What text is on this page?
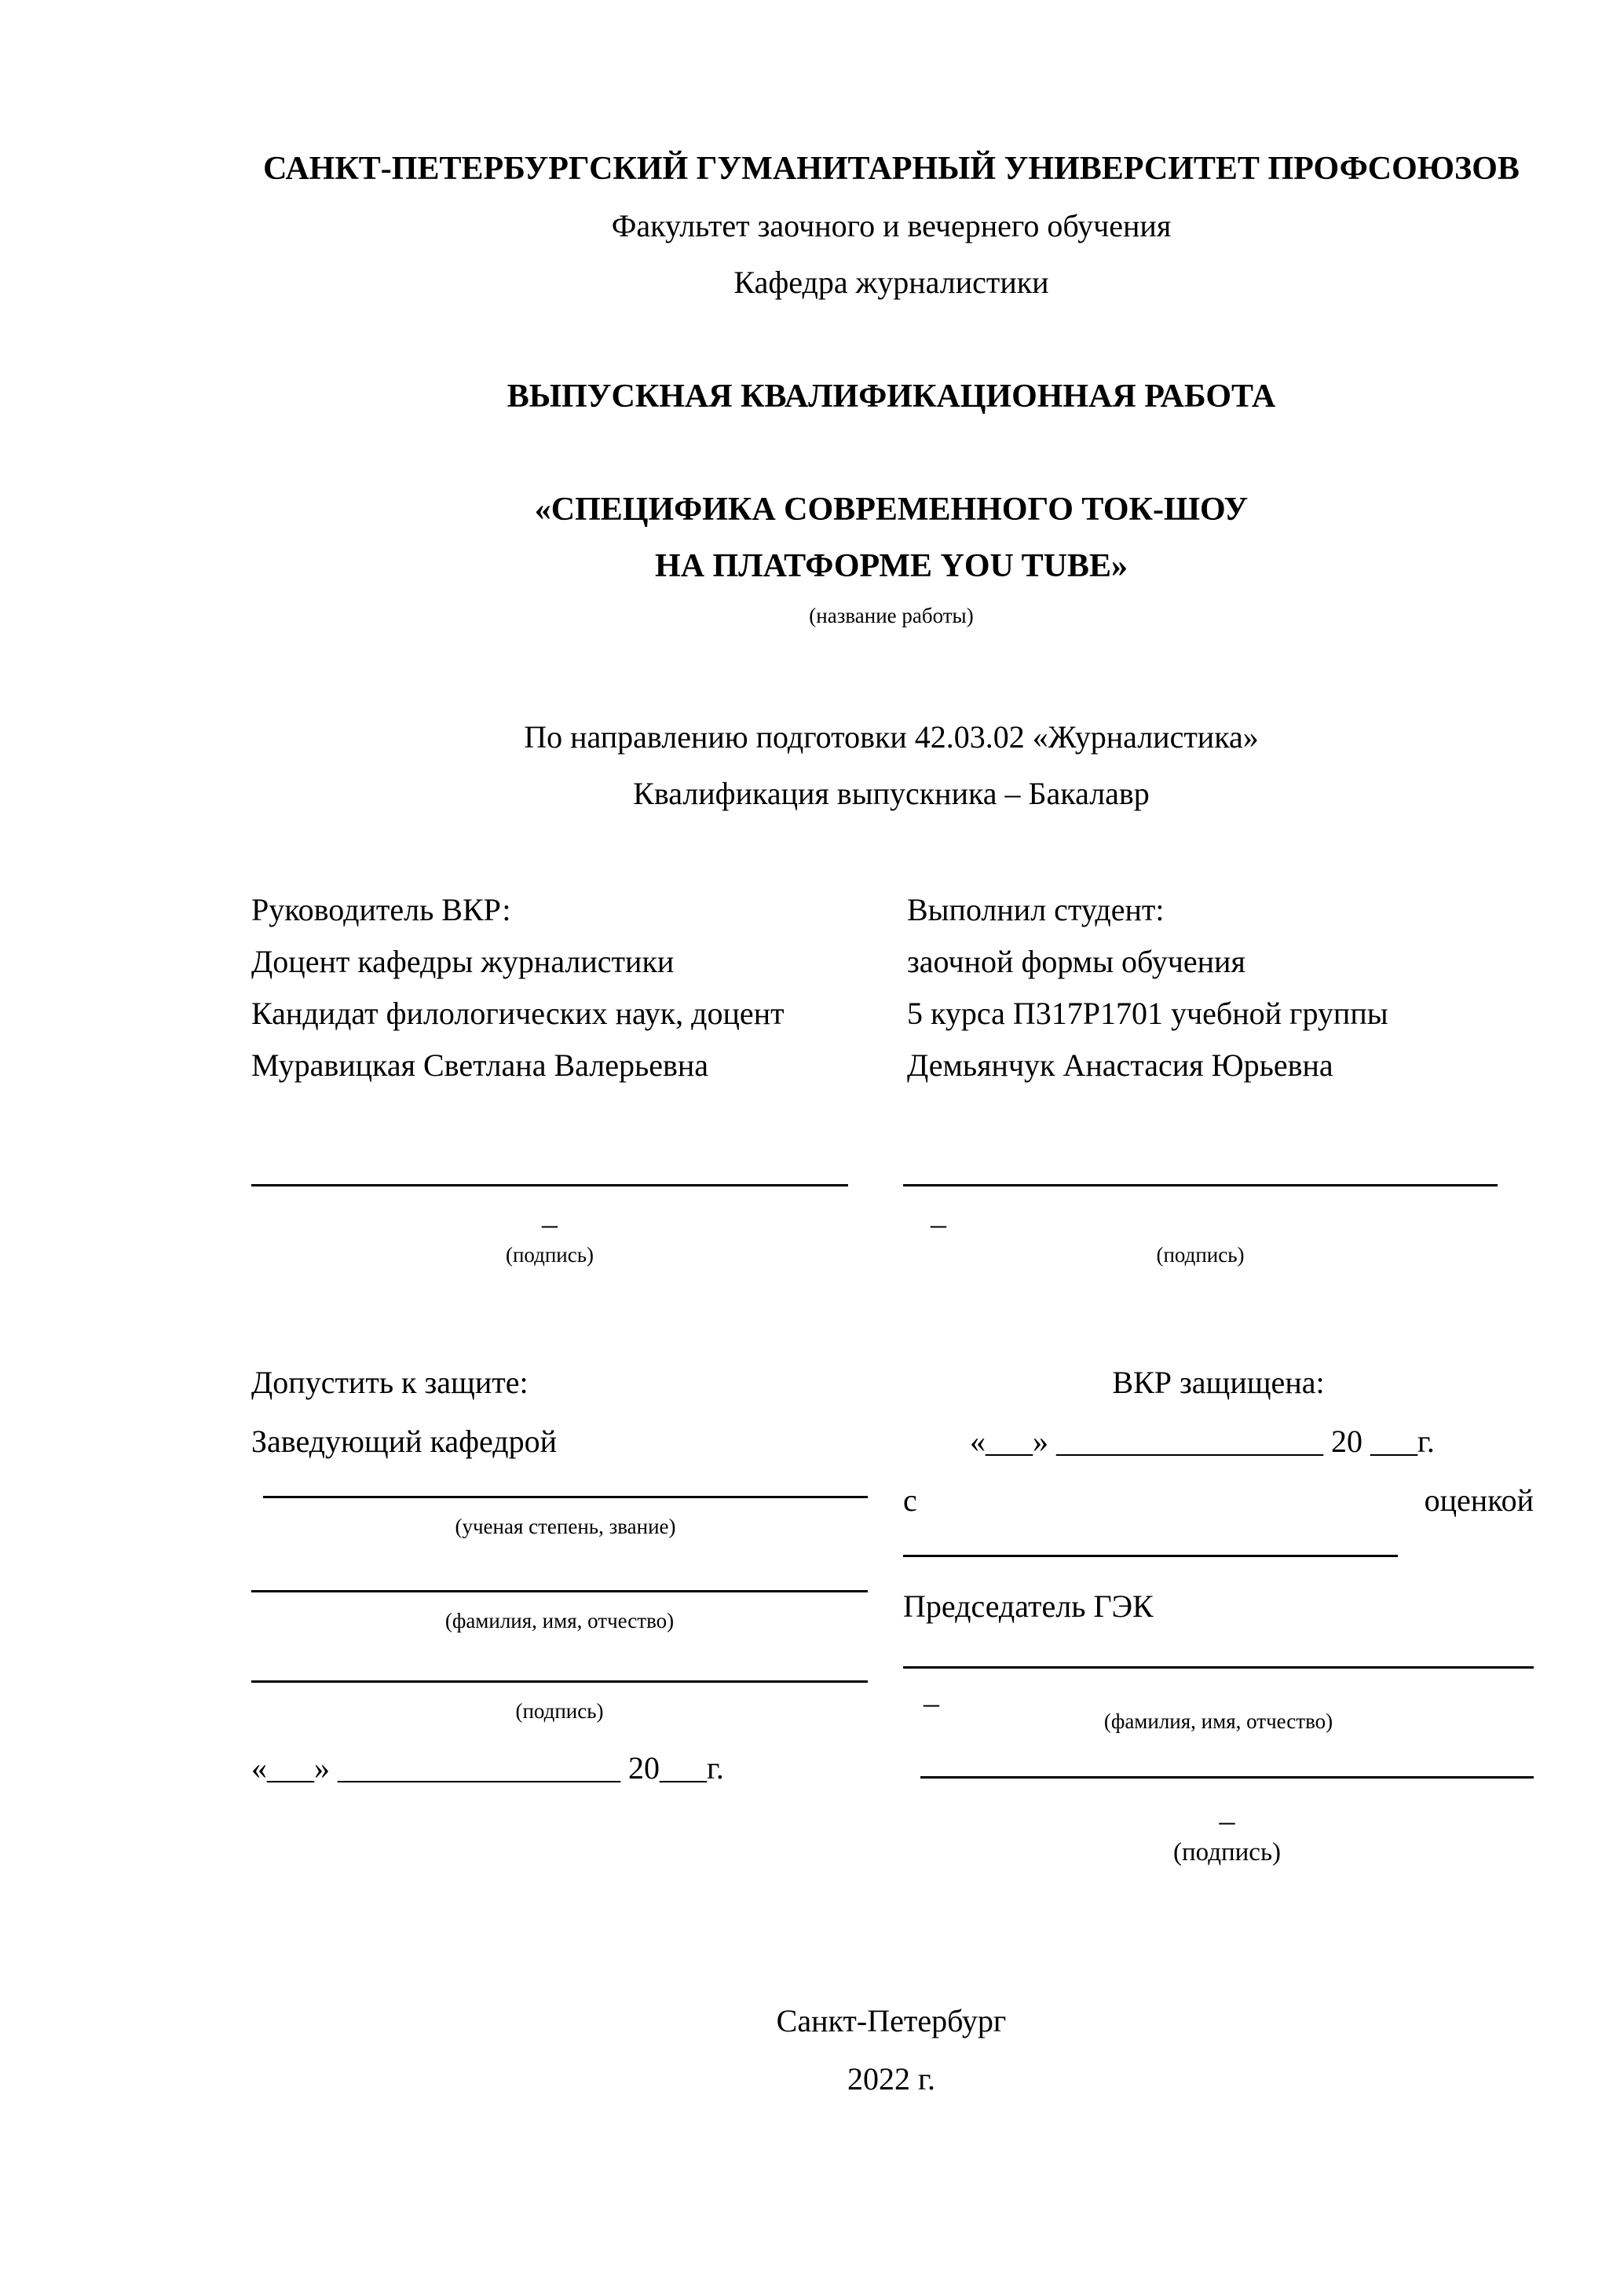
САНКТ-ПЕТЕРБУРГСКИЙ ГУМАНИТАРНЫЙ УНИВЕРСИТЕТ ПРОФСОЮЗОВ
Факультет заочного и вечернего обучения
Кафедра журналистики
ВЫПУСКНАЯ КВАЛИФИКАЦИОННАЯ РАБОТА
«СПЕЦИФИКА СОВРЕМЕННОГО ТОК-ШОУ
НА ПЛАТФОРМЕ YOU TUBE»
(название работы)
По направлению подготовки 42.03.02 «Журналистика»
Квалификация выпускника – Бакалавр
Руководитель ВКР:
Доцент кафедры журналистики
Кандидат филологических наук, доцент
Муравицкая Светлана Валерьевна
Выполнил студент:
заочной формы обучения
5 курса П317Р1701 учебной группы
Демьянчук Анастасия Юрьевна
–	–
(подпись)	(подпись)
Допустить к защите:
Заведующий кафедрой
(ученая степень, звание)
(фамилия, имя, отчество)
(подпись)
«___» __________________ 20___г.
ВКР защищена:
«___» _________________ 20 ___г.
с	оценкой
Председатель ГЭК
–
(фамилия, имя, отчество)
–
(подпись)
Санкт-Петербург
2022 г.
